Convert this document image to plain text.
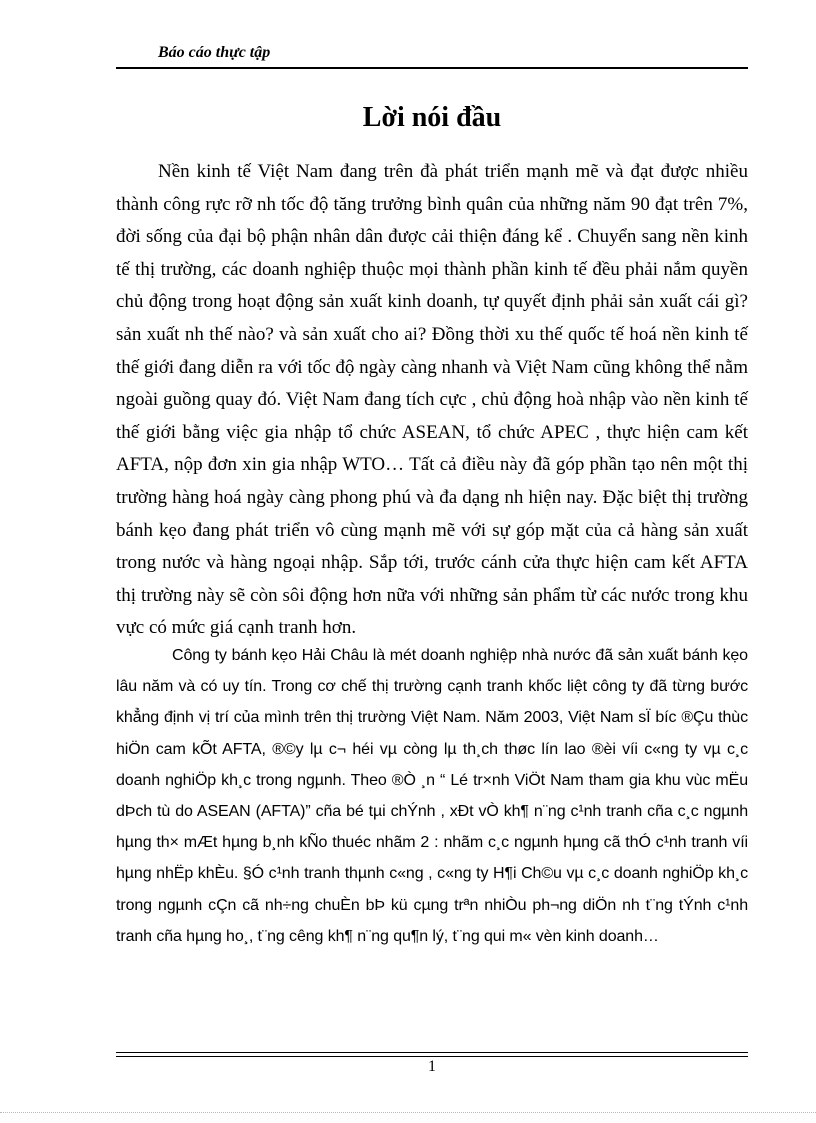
Báo cáo thực tập
Lời nói đầu

Nền kinh tế Việt Nam đang trên đà phát triển mạnh mẽ và đạt được nhiều thành công rực rỡ nh tốc độ tăng trưởng bình quân của những năm 90 đạt trên 7%, đời sống của đại bộ phận nhân dân được cải thiện đáng kể . Chuyển sang nền kinh tế thị trường, các doanh nghiệp thuộc mọi thành phần kinh tế đều phải nắm quyền chủ động trong hoạt động sản xuất kinh doanh, tự quyết định phải sản xuất cái gì? sản xuất nh thế nào? và sản xuất cho ai? Đồng thời xu thế quốc tế hoá nền kinh tế thế giới đang diễn ra với tốc độ ngày càng nhanh và Việt Nam cũng không thể nằm ngoài guồng quay đó. Việt Nam đang tích cực , chủ động hoà nhập vào nền kinh tế thế giới bằng việc gia nhập tổ chức ASEAN, tổ chức APEC , thực hiện cam kết AFTA, nộp đơn xin gia nhập WTO… Tất cả điều này đã góp phần tạo nên một thị trường hàng hoá ngày càng phong phú và đa dạng nh hiện nay. Đặc biệt thị trường bánh kẹo đang phát triển vô cùng mạnh mẽ với sự góp mặt của cả hàng sản xuất trong nước và hàng ngoại nhập. Sắp tới, trước cánh cửa thực hiện cam kết AFTA thị trường này sẽ còn sôi động hơn nữa với những sản phẩm từ các nước trong khu vực có mức giá cạnh tranh hơn.

Công ty bánh kẹo Hải Châu là mét doanh nghiệp nhà nước đã sản xuất bánh kẹo lâu năm và có uy tín. Trong cơ chế thị trường cạnh tranh khốc liệt công ty đã từng bước khẳng định vị trí của mình trên thị trường Việt Nam. Năm 2003, Việt Nam sÏ bíc ®Çu thùc hiÖn cam kÕt AFTA, ®©y lµ c¬ héi vµ còng lµ th¸ch thøc lín lao ®èi víi c«ng ty vµ c¸c doanh nghiÖp kh¸c trong ngµnh. Theo ®Ò ¸n “ Lé tr×nh ViÖt Nam tham gia khu vùc mËu dÞch tù do ASEAN (AFTA)” cña bé tµi chÝnh , xÐt vÒ kh¶ n¨ng c¹nh tranh cña c¸c ngµnh hµng th× mÆt hµng b¸nh kÑo thuéc nhãm 2 : nhãm c¸c ngµnh hµng cã thÓ c¹nh tranh víi hµng nhËp khÈu. §Ó c¹nh tranh thµnh c«ng , c«ng ty H¶i Ch©u vµ c¸c doanh nghiÖp kh¸c trong ngµnh cÇn cã nh÷ng chuÈn bÞ kü cµng trªn nhiÒu ph¬ng diÖn nh t¨ng tÝnh c¹nh tranh cña hµng ho¸, t¨ng cêng kh¶ n¨ng qu¶n lý, t¨ng qui m« vèn kinh doanh…

1
